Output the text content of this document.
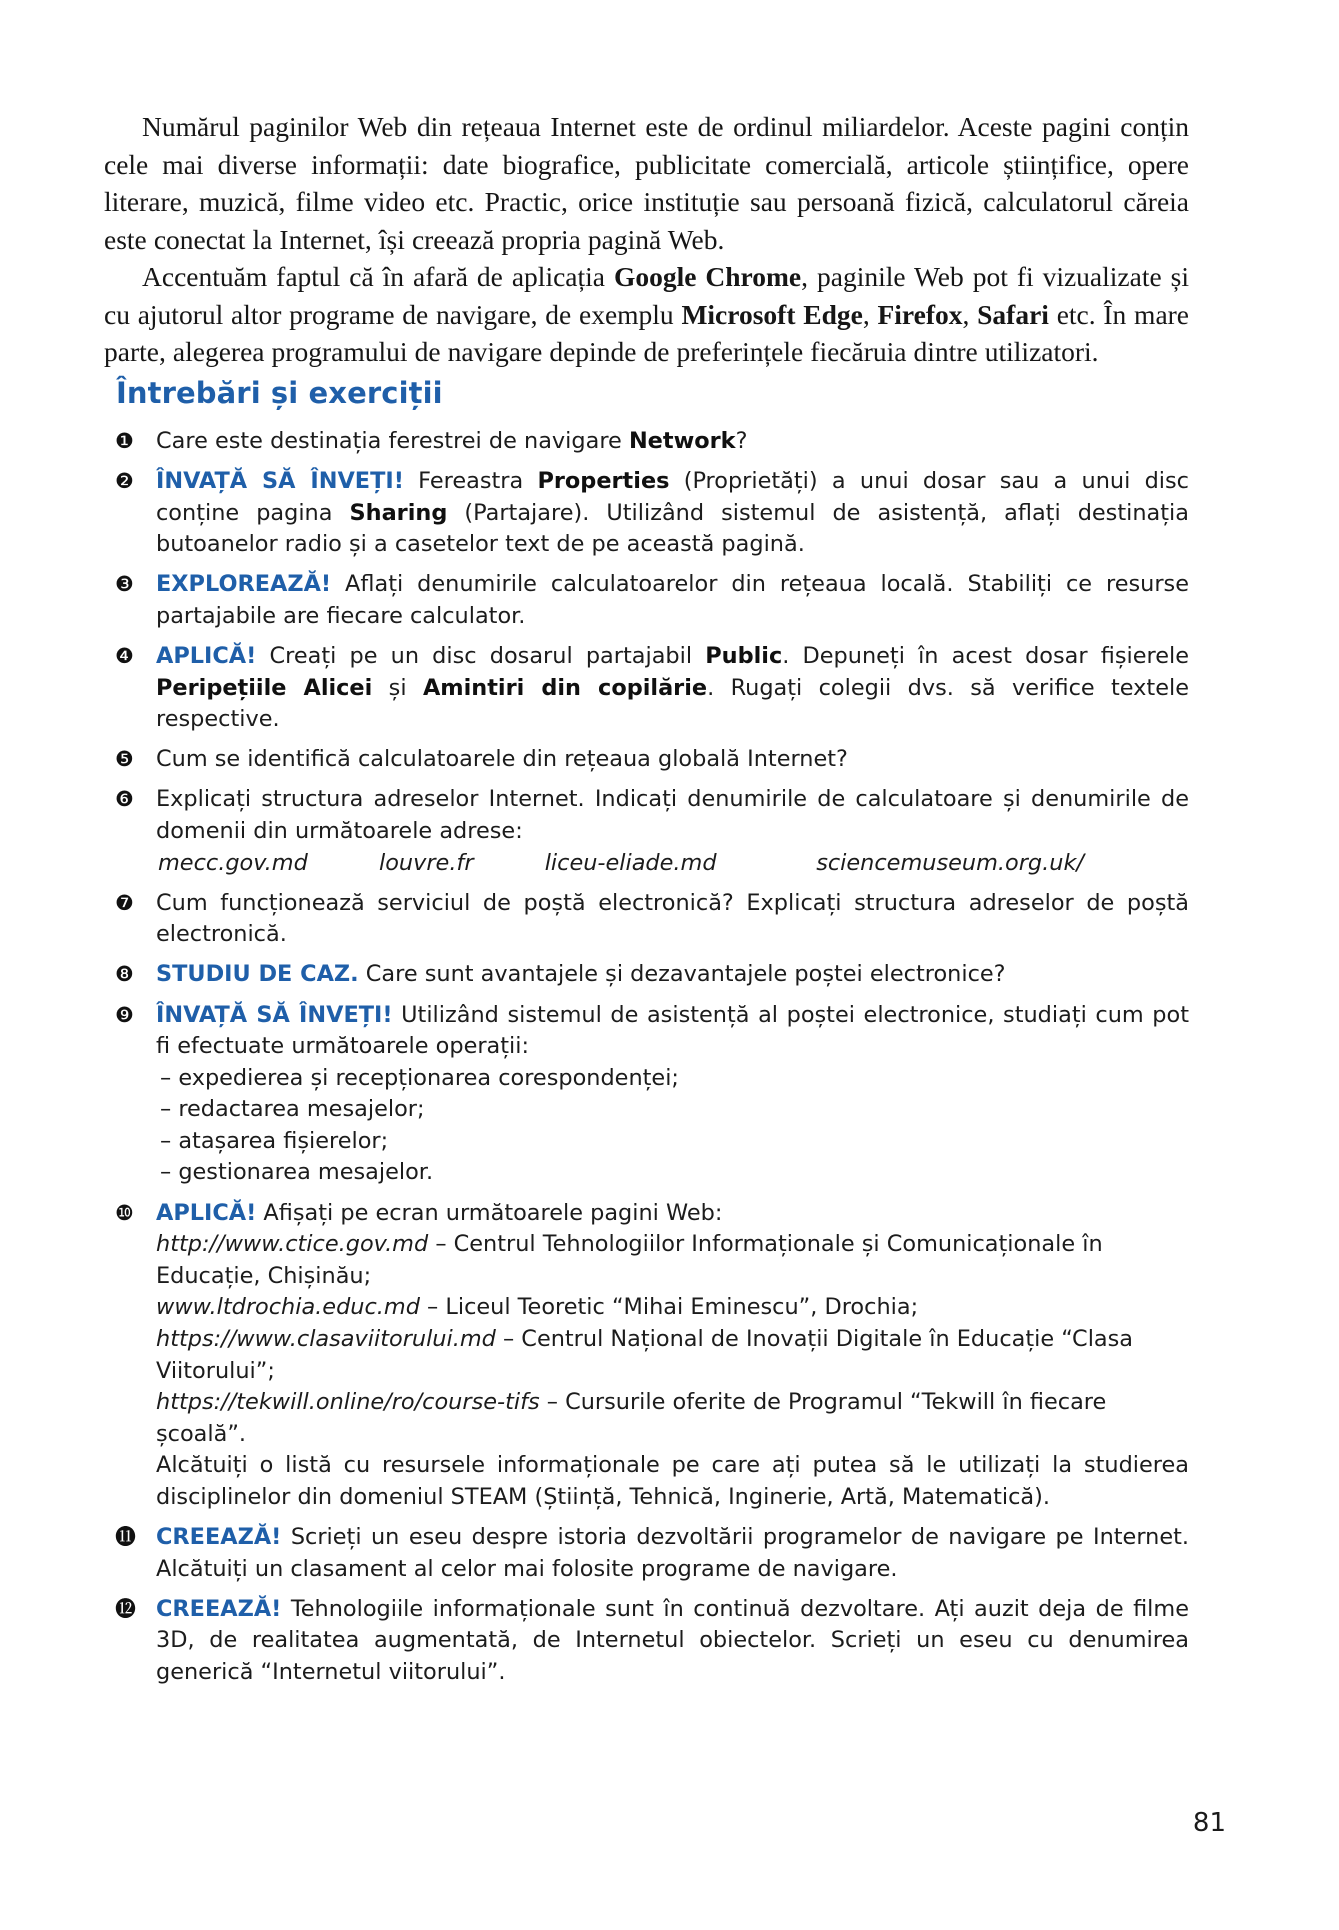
Numărul paginilor Web din rețeaua Internet este de ordinul miliardelor. Aceste pagini conțin cele mai diverse informații: date biografice, publicitate comercială, articole științifice, opere literare, muzică, filme video etc. Practic, orice instituție sau persoană fizică, calculatorul căreia este conectat la Internet, își creează propria pagină Web.

Accentuăm faptul că în afară de aplicația Google Chrome, paginile Web pot fi vizualizate și cu ajutorul altor programe de navigare, de exemplu Microsoft Edge, Firefox, Safari etc. În mare parte, alegerea programului de navigare depinde de preferințele fiecăruia dintre utilizatori.

Întrebări și exerciții
❶ Care este destinația ferestrei de navigare Network?
❷ ÎNVAȚĂ SĂ ÎNVEȚI! Fereastra Properties (Proprietăți) a unui dosar sau a unui disc conține pagina Sharing (Partajare). Utilizând sistemul de asistență, aflați destinația butoanelor radio și a casetelor text de pe această pagină.
❸ EXPLOREAZĂ! Aflați denumirile calculatoarelor din rețeaua locală. Stabiliți ce resurse partajabile are fiecare calculator.
❹ APLICĂ! Creați pe un disc dosarul partajabil Public. Depuneți în acest dosar fișierele Peripețiile Alicei și Amintiri din copilărie. Rugați colegii dvs. să verifice textele respective.
❺ Cum se identifică calculatoarele din rețeaua globală Internet?
❻ Explicați structura adreselor Internet. Indicați denumirile de calculatoare și denumirile de domenii din următoarele adrese:
mecc.gov.md          louvre.fr          liceu-eliade.md              sciencemuseum.org.uk/
❼ Cum funcționează serviciul de poștă electronică? Explicați structura adreselor de poștă electronică.
❽ STUDIU DE CAZ. Care sunt avantajele și dezavantajele poștei electronice?
❾ ÎNVAȚĂ SĂ ÎNVEȚI! Utilizând sistemul de asistență al poștei electronice, studiați cum pot fi efectuate următoarele operații:
– expedierea și recepționarea corespondenței;
– redactarea mesajelor;
– atașarea fișierelor;
– gestionarea mesajelor.
❿ APLICĂ! Afișați pe ecran următoarele pagini Web:
http://www.ctice.gov.md – Centrul Tehnologiilor Informaționale și Comunicaționale în Educație, Chișinău;
www.ltdrochia.educ.md – Liceul Teoretic “Mihai Eminescu”, Drochia;
https://www.clasaviitorului.md – Centrul Național de Inovații Digitale în Educație “Clasa Viitorului”;
https://tekwill.online/ro/course-tifs – Cursurile oferite de Programul “Tekwill în fiecare școală”.
Alcătuiți o listă cu resursele informaționale pe care ați putea să le utilizați la studierea disciplinelor din domeniul STEAM (Știință, Tehnică, Inginerie, Artă, Matematică).
⓫ CREEAZĂ! Scrieți un eseu despre istoria dezvoltării programelor de navigare pe Internet. Alcătuiți un clasament al celor mai folosite programe de navigare.
⓬ CREEAZĂ! Tehnologiile informaționale sunt în continuă dezvoltare. Ați auzit deja de filme 3D, de realitatea augmentată, de Internetul obiectelor. Scrieți un eseu cu denumirea generică “Internetul viitorului”.
81
